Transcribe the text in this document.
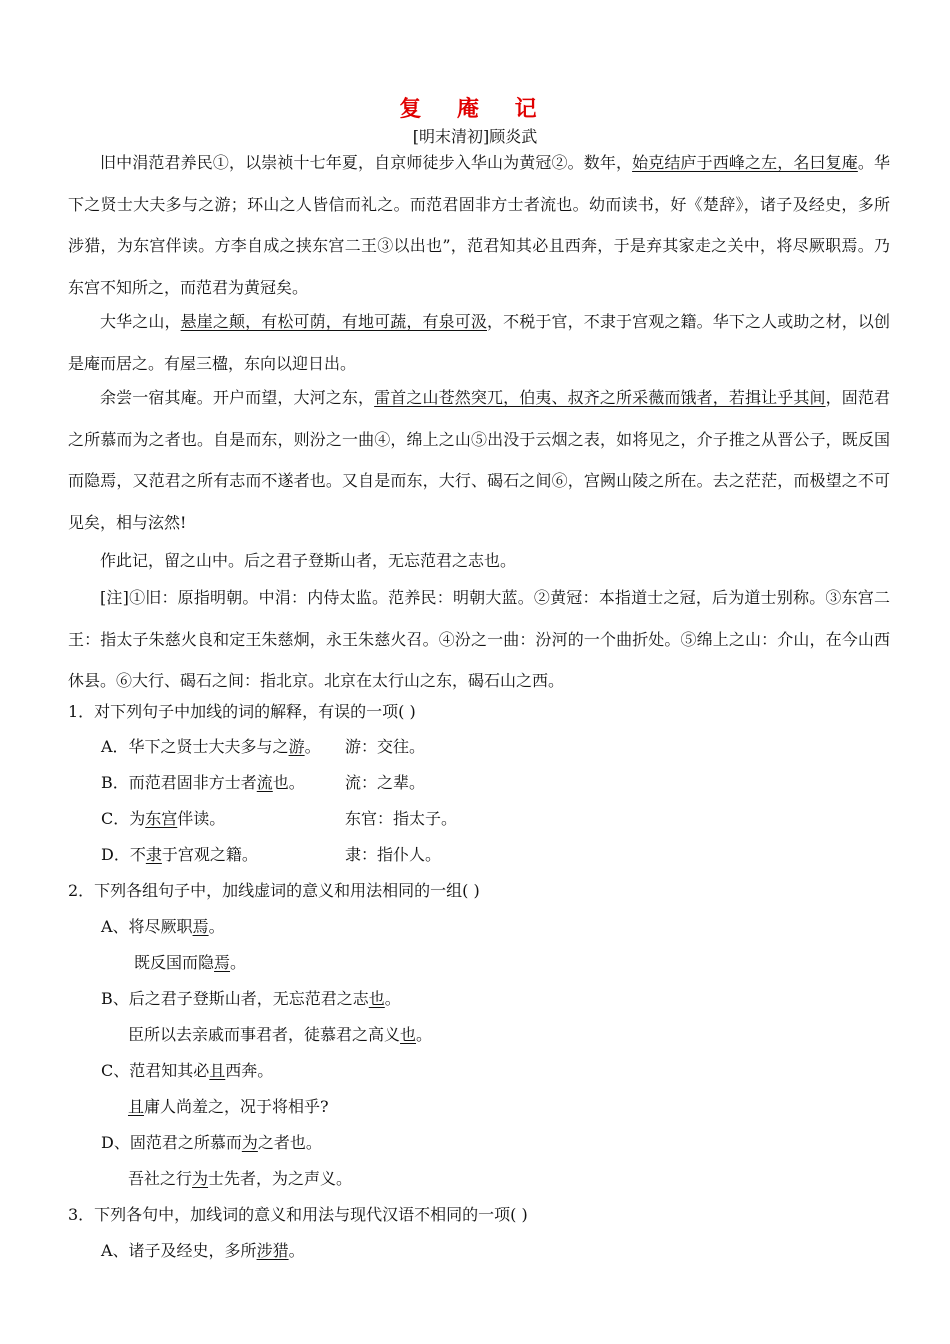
复 庵 记
[明末清初]顾炎武

旧中涓范君养民①，以崇祯十七年夏，自京师徒步入华山为黄冠②。数年，始克结庐于西峰之左，名曰复庵。华下之贤士大夫多与之游；环山之人皆信而礼之。而范君固非方士者流也。幼而读书，好《楚辞》，诸子及经史，多所涉猎，为东宫伴读。方李自成之挟东宫二王③以出也”，范君知其必且西奔，于是弃其家走之关中，将尽厥职焉。乃东宫不知所之，而范君为黄冠矣。

大华之山，悬崖之颠，有松可荫，有地可蔬，有泉可汲，不税于官，不隶于宫观之籍。华下之人或助之材，以创是庵而居之。有屋三楹，东向以迎日出。

余尝一宿其庵。开户而望，大河之东，雷首之山苍然突兀，伯夷、叔齐之所采薇而饿者，若揖让乎其间，固范君之所慕而为之者也。自是而东，则汾之一曲④，绵上之山⑤出没于云烟之表，如将见之，介子推之从晋公子，既反国而隐焉，又范君之所有志而不遂者也。又自是而东，大行、碣石之间⑥，宫阙山陵之所在。去之茫茫，而极望之不可见矣，相与泫然!

作此记，留之山中。后之君子登斯山者，无忘范君之志也。

[注]①旧：原指明朝。中涓：内侍太监。范养民：明朝大蓝。②黄冠：本指道士之冠，后为道士别称。③东宫二王：指太子朱慈火良和定王朱慈炯，永王朱慈火召。④汾之一曲：汾河的一个曲折处。⑤绵上之山：介山，在今山西休县。⑥大行、碣石之间：指北京。北京在太行山之东，碣石山之西。

1．对下列句子中加线的词的解释，有误的一项( )
A．华下之贤士大夫多与之游。 游：交往。
B．而范君固非方士者流也。	流：之辈。
C．为东宫伴读。	东官：指太子。
D．不隶于宫观之籍。	隶：指仆人。
2．下列各组句子中，加线虚词的意义和用法相同的一组( )
A、将尽厥职焉。
既反国而隐焉。
B、后之君子登斯山者，无忘范君之志也。
臣所以去亲戚而事君者，徒慕君之高义也。
C、范君知其必且西奔。
且庸人尚羞之，况于将相乎?
D、固范君之所慕而为之者也。
吾社之行为士先者，为之声义。
3．下列各句中，加线词的意义和用法与现代汉语不相同的一项( )
A、诸子及经史，多所涉猎。
